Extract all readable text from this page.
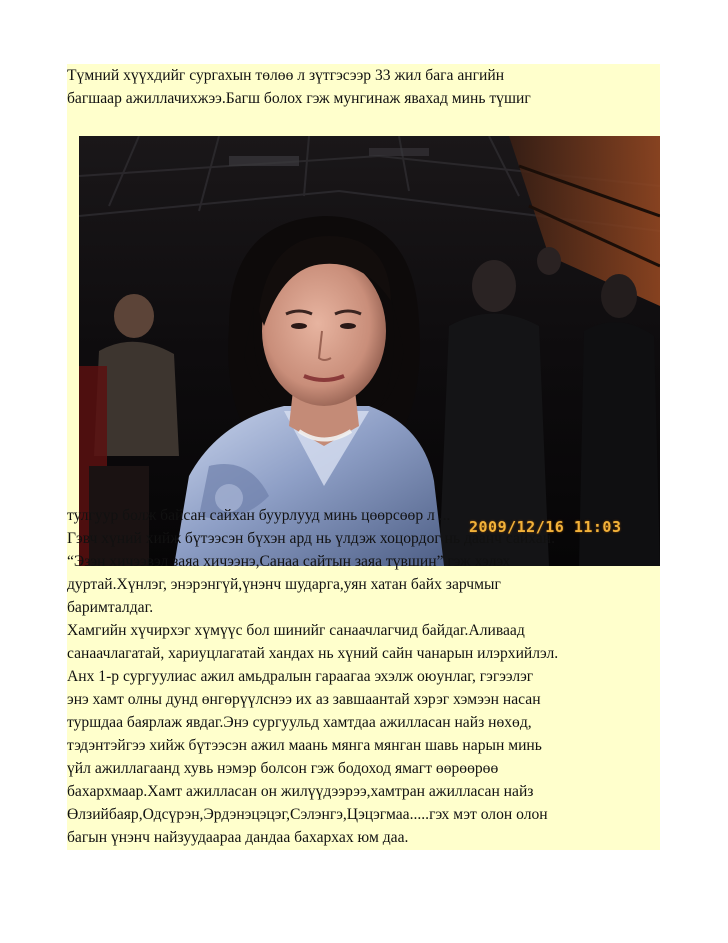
Түмний хүүхдийг сургахын төлөө л зүтгэсээр 33 жил бага ангийн
багшаар ажиллачихжээ.Багш болох гэж мунгинаж явахад минь түшиг
2009/12/16 11:03
тулгуур болж байсан сайхан буурлууд минь цөөрсөөр л ...
Гэвч хүний хийж бүтээсэн бүхэн ард нь үлдэж хоцордог нь даанч сайхан.
“Эзэн хичээвэл заяа хичээнэ,Санаа сайтын заяа түвшин” гэж хэлэх
дуртай.Хүнлэг, энэрэнгүй,үнэнч шударга,уян хатан байх зарчмыг
баримталдаг.
Хамгийн хүчирхэг хүмүүс бол шинийг санаачлагчид байдаг.Аливаад
санаачлагатай, хариуцлагатай хандах нь хүний сайн чанарын илэрхийлэл.
Анх 1-р сургуулиас ажил амьдралын гараагаа эхэлж оюунлаг, гэгээлэг
энэ хамт олны дунд өнгөрүүлснээ их аз завшаантай хэрэг хэмээн насан
туршдаа баярлаж явдаг.Энэ сургуульд хамтдаа ажилласан найз нөхөд,
тэдэнтэйгээ хийж бүтээсэн ажил маань мянга мянган шавь нарын минь
үйл ажиллагаанд хувь нэмэр болсон гэж бодоход ямагт өөрөөрөө
бахархмаар.Хамт ажилласан он жилүүдээрээ,хамтран ажилласан найз
Өлзийбаяр,Одсүрэн,Эрдэнэцэцэг,Сэлэнгэ,Цэцэгмаа.....гэх мэт олон олон
багын үнэнч найзуудаараа дандаа бахархах юм даа.
